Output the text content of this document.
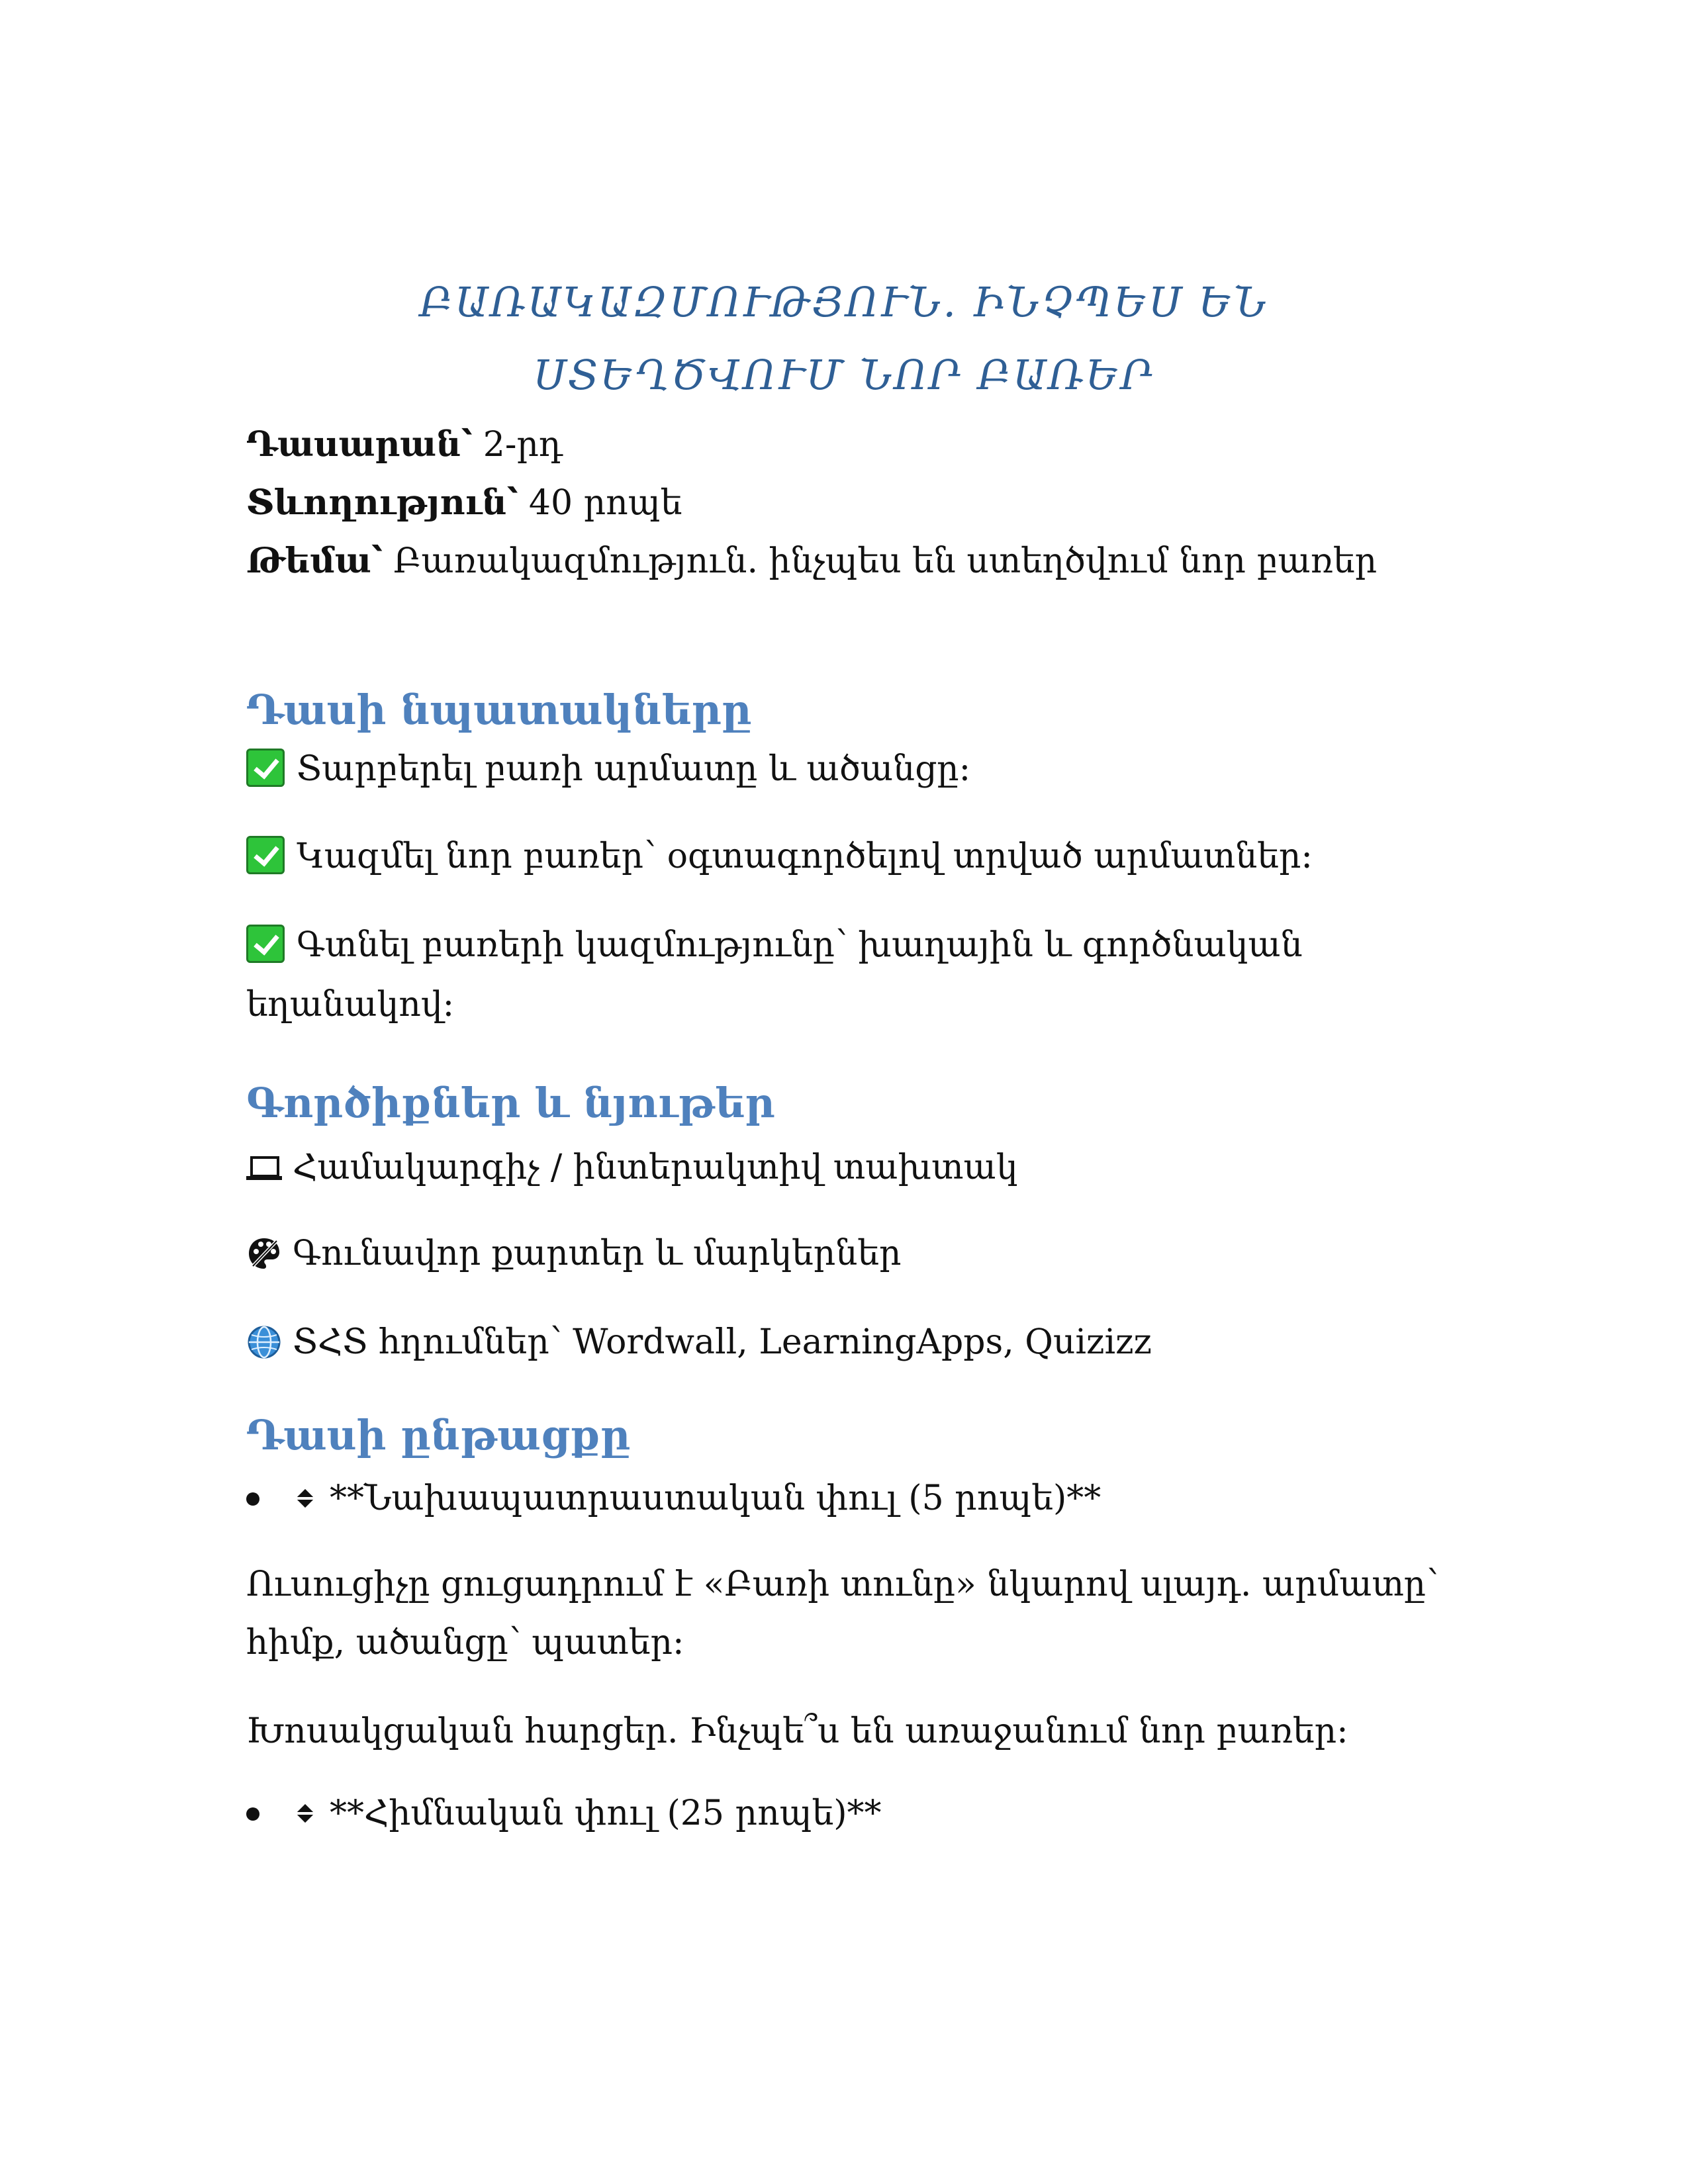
ԲԱՌԱԿԱԶՄՈՒԹՅՈՒՆ. ԻՆՉՊԵՍ ԵՆ
ՍՏԵՂԾՎՈՒՄ ՆՈՐ ԲԱՌԵՐ
Դասարան՝ 2-րդ
Տևողություն՝ 40 րոպե
Թեմա՝ Բառակազմություն. ինչպես են ստեղծվում նոր բառեր
Դասի նպատակները
Տարբերել բառի արմատը և ածանցը։
Կազմել նոր բառեր՝ օգտագործելով տրված արմատներ։
Գտնել բառերի կազմությունը՝ խաղային և գործնական
եղանակով։
Գործիքներ և նյութեր
Համակարգիչ / ինտերակտիվ տախտակ
Գունավոր քարտեր և մարկերներ
ՏՀՏ հղումներ՝ Wordwall, LearningApps, Quizizz
Դասի ընթացքը
**Նախապատրաստական փուլ (5 րոպե)**
Ուսուցիչը ցուցադրում է «Բառի տունը» նկարով սլայդ. արմատը՝
հիմք, ածանցը՝ պատեր։
Խոսակցական հարցեր. Ինչպե՞ս են առաջանում նոր բառեր։
**Հիմնական փուլ (25 րոպե)**
